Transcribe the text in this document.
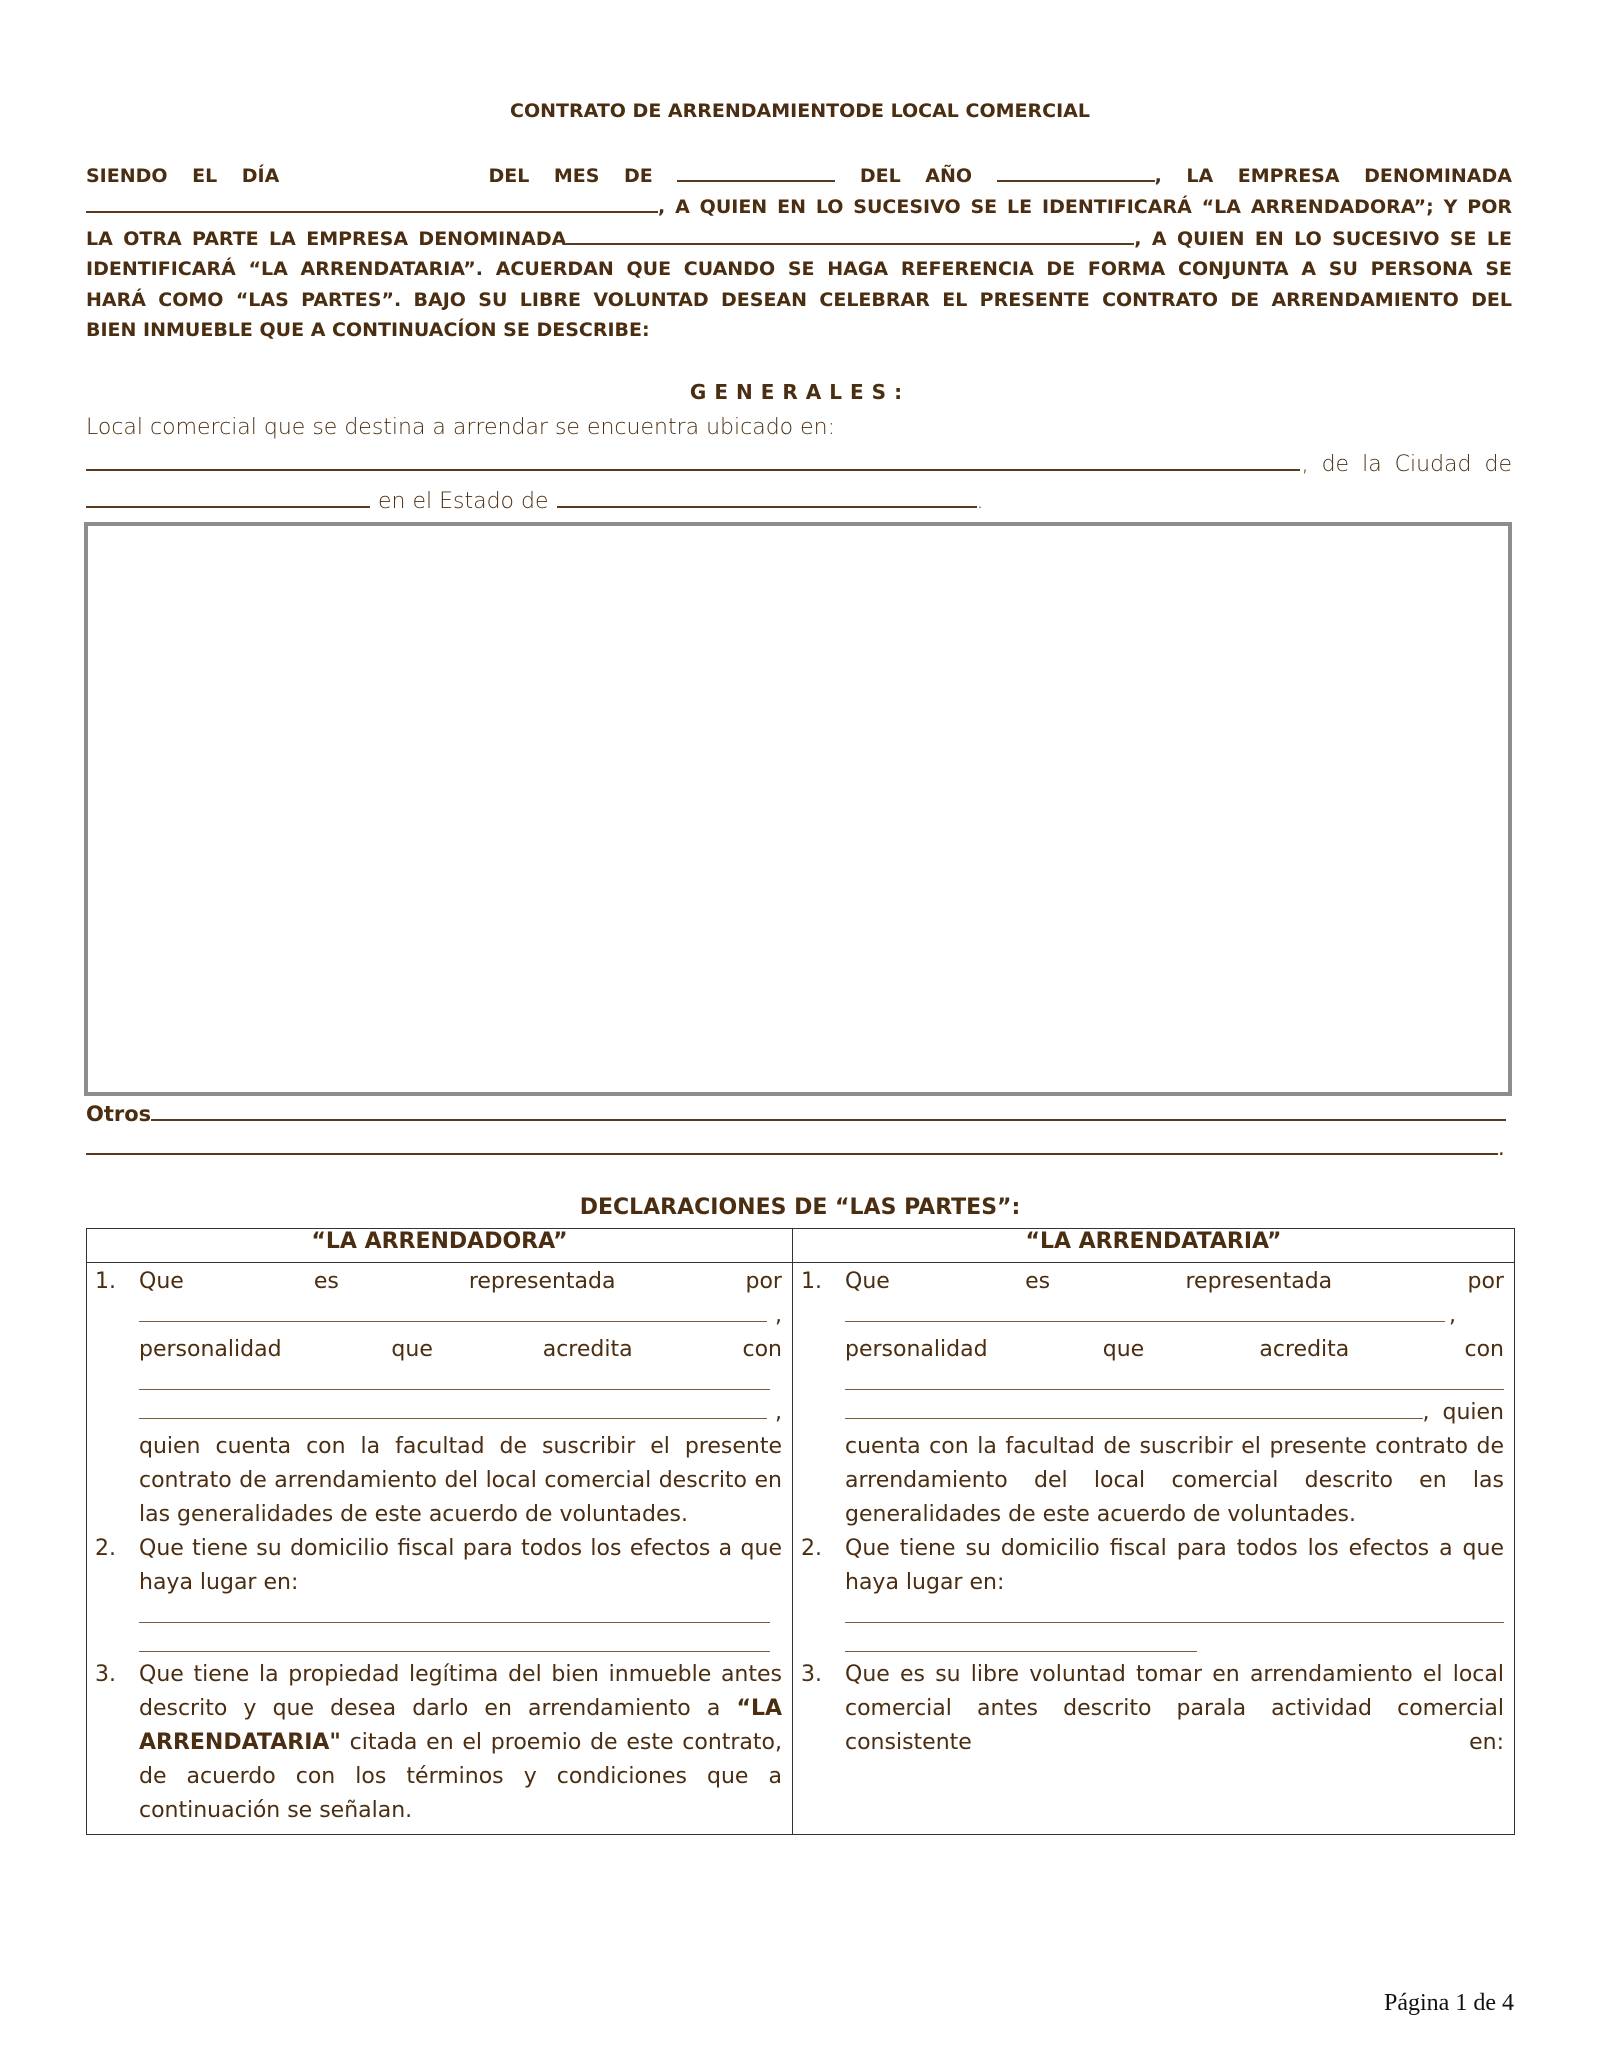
CONTRATO DE ARRENDAMIENTODE LOCAL COMERCIAL
SIENDO EL DÍA	DEL MES DE	DEL AÑO	, LA EMPRESA DENOMINADA
, A QUIEN EN LO SUCESIVO SE LE IDENTIFICARÁ “LA ARRENDADORA”; Y POR
LA OTRA PARTE LA EMPRESA DENOMINADA	, A QUIEN EN LO SUCESIVO SE LE
IDENTIFICARÁ “LA ARRENDATARIA”. ACUERDAN QUE CUANDO SE HAGA REFERENCIA DE FORMA CONJUNTA A SU PERSONA SE
HARÁ COMO “LAS PARTES”. BAJO SU LIBRE VOLUNTAD DESEAN CELEBRAR EL PRESENTE CONTRATO DE ARRENDAMIENTO DEL
BIEN INMUEBLE QUE A CONTINUACÍON SE DESCRIBE:
GENERALES:
Local comercial que se destina a arrendar se encuentra ubicado en:
, de la Ciudad de
en el Estado de	.
Otros
.
DECLARACIONES DE “LAS PARTES”:
“LA ARRENDADORA”	“LA ARRENDATARIA”

1.	Que	es	representada	por
,
personalidad	que	acredita	con
,
quien cuenta con la facultad de suscribir el presente contrato de arrendamiento del local comercial descrito en las generalidades de este acuerdo de voluntades.
2.	Que tiene su domicilio fiscal para todos los efectos a que haya lugar en:
3.	Que tiene la propiedad legítima del bien inmueble antes descrito y que desea darlo en arrendamiento a “LA ARRENDATARIA" citada en el proemio de este contrato, de acuerdo con los términos y condiciones que a continuación se señalan.

1.	Que	es	representada	por
,
personalidad	que	acredita	con
, quien
cuenta con la facultad de suscribir el presente contrato de arrendamiento del local comercial descrito en las generalidades de este acuerdo de voluntades.
2.	Que tiene su domicilio fiscal para todos los efectos a que haya lugar en:
3.	Que es su libre voluntad tomar en arrendamiento el local comercial antes descrito parala actividad comercial
consistente	en:
Página 1 de 4
